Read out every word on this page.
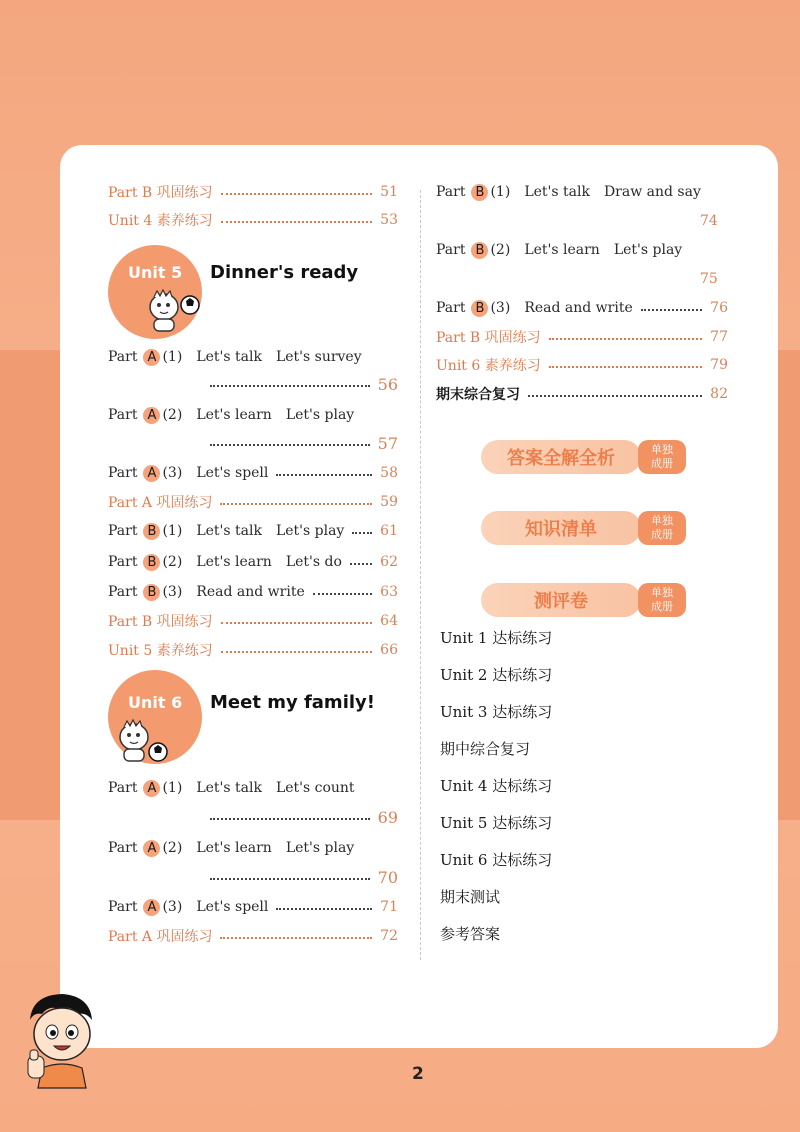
Part B 巩固练习	51
Unit 4 素养练习	53
Unit 5 Dinner's ready
Part A (1) Let's talk Let's survey
56
Part A (2) Let's learn Let's play
57
Part A (3) Let's spell	58
Part A 巩固练习	59
Part B (1) Let's talk Let's play	61
Part B (2) Let's learn Let's do	62
Part B (3) Read and write	63
Part B 巩固练习	64
Unit 5 素养练习	66
Unit 6 Meet my family!
Part A (1) Let's talk Let's count
69
Part A (2) Let's learn Let's play
70
Part A (3) Let's spell	71
Part A 巩固练习	72
Part B (1) Let's talk Draw and say
74
Part B (2) Let's learn Let's play
75
Part B (3) Read and write	76
Part B 巩固练习	77
Unit 6 素养练习	79
期末综合复习	82
答案全解全析	单独
成册
知识清单	单独
成册
测评卷	单独
成册
Unit 1 达标练习
Unit 2 达标练习
Unit 3 达标练习
期中综合复习
Unit 4 达标练习
Unit 5 达标练习
Unit 6 达标练习
期末测试
参考答案
2
